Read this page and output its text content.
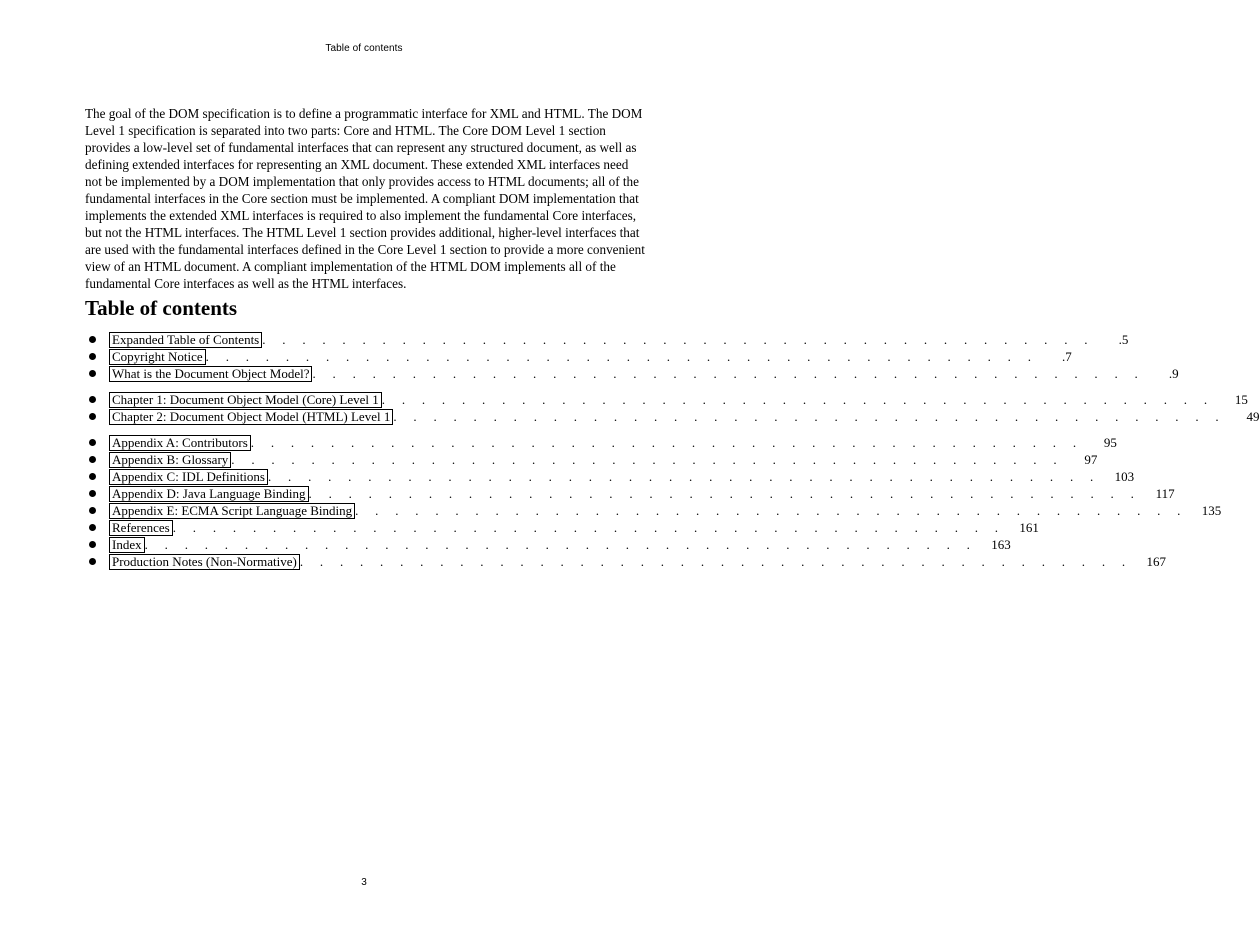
Table of contents

The goal of the DOM specification is to define a programmatic interface for XML and HTML. The DOM
Level 1 specification is separated into two parts: Core and HTML. The Core DOM Level 1 section
provides a low-level set of fundamental interfaces that can represent any structured document, as well as
defining extended interfaces for representing an XML document. These extended XML interfaces need
not be implemented by a DOM implementation that only provides access to HTML documents; all of the
fundamental interfaces in the Core section must be implemented. A compliant DOM implementation that
implements the extended XML interfaces is required to also implement the fundamental Core interfaces,
but not the HTML interfaces. The HTML Level 1 section provides additional, higher-level interfaces that
are used with the fundamental interfaces defined in the Core Level 1 section to provide a more convenient
view of an HTML document. A compliant implementation of the HTML DOM implements all of the
fundamental Core interfaces as well as the HTML interfaces.

Table of contents
Expanded Table of Contents ..........................................	.5
Copyright Notice ..........................................	.7
What is the Document Object Model? ..........................................	.9
Chapter 1: Document Object Model (Core) Level 1 .......................................... 15
Chapter 2: Document Object Model (HTML) Level 1 .......................................... 49
Appendix A: Contributors .......................................... 95
Appendix B: Glossary .......................................... 97
Appendix C: IDL Definitions .......................................... 103
Appendix D: Java Language Binding .......................................... 117
Appendix E: ECMA Script Language Binding .......................................... 135
References .......................................... 161
Index .......................................... 163
Production Notes (Non-Normative) .......................................... 167
3
